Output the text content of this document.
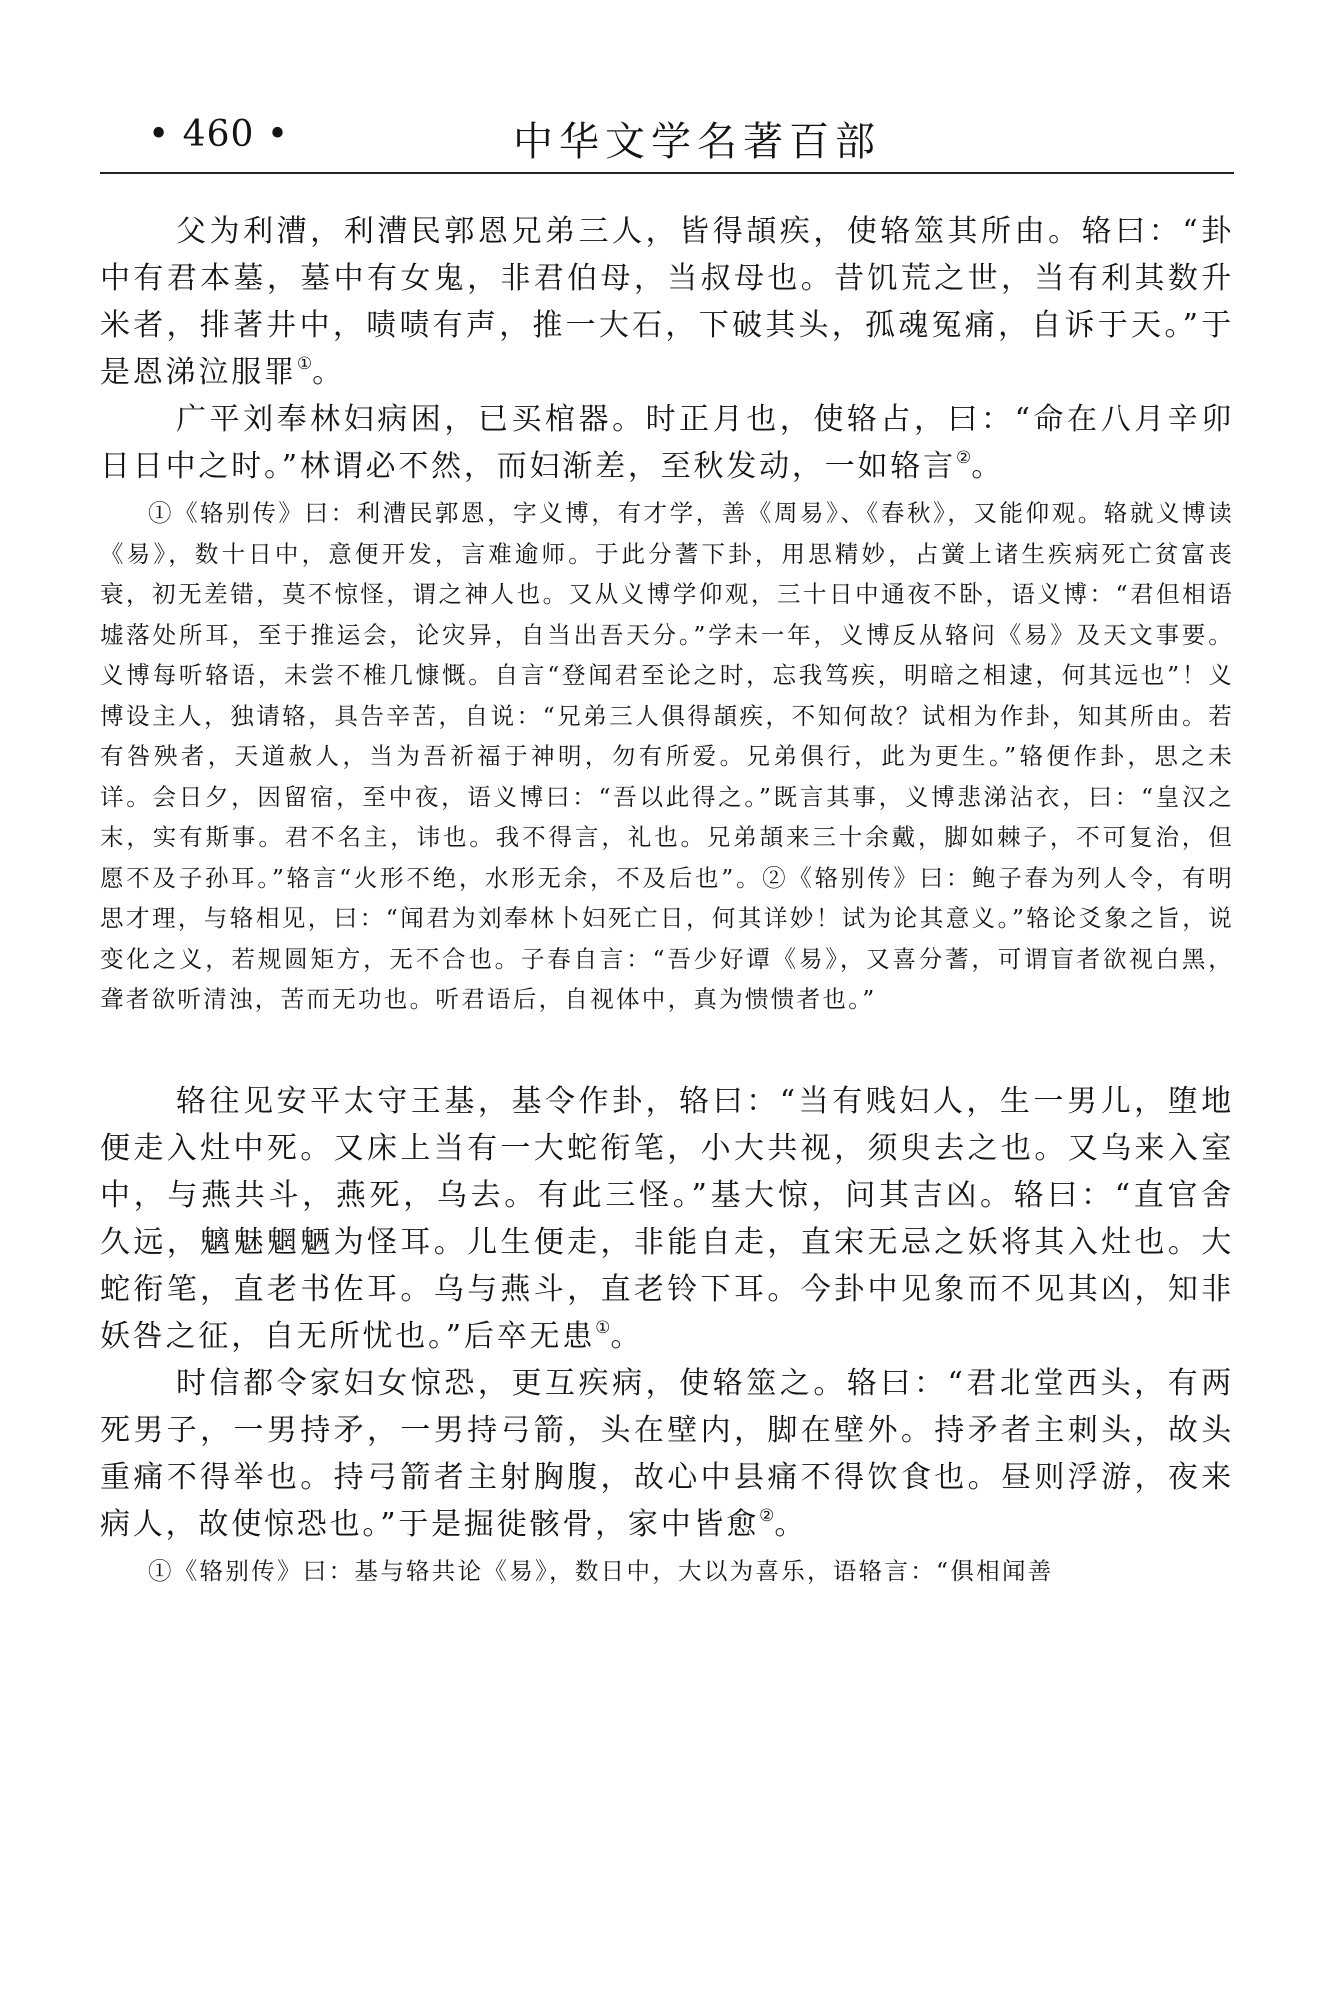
• 460 •	中华文学名著百部

父为利漕，利漕民郭恩兄弟三人，皆得頡疾，使辂筮其所由。辂曰：“卦中有君本墓，墓中有女鬼，非君伯母，当叔母也。昔饥荒之世，当有利其数升米者，排著井中，啧啧有声，推一大石，下破其头，孤魂冤痛，自诉于天。”于是恩涕泣服罪①。

广平刘奉林妇病困，已买棺器。时正月也，使辂占，曰：“命在八月辛卯日日中之时。”林谓必不然，而妇渐差，至秋发动，一如辂言②。

①《辂别传》曰：利漕民郭恩，字义博，有才学，善《周易》、《春秋》，又能仰观。辂就义博读《易》，数十日中，意便开发，言难逾师。于此分蓍下卦，用思精妙，占黉上诸生疾病死亡贫富丧衰，初无差错，莫不惊怪，谓之神人也。又从义博学仰观，三十日中通夜不卧，语义博：“君但相语墟落处所耳，至于推运会，论灾异，自当出吾天分。”学未一年，义博反从辂问《易》及天文事要。义博每听辂语，未尝不椎几慷慨。自言“登闻君至论之时，忘我笃疾，明暗之相逮，何其远也”！义博设主人，独请辂，具告辛苦，自说：“兄弟三人俱得頡疾，不知何故？试相为作卦，知其所由。若有咎殃者，天道赦人，当为吾祈福于神明，勿有所爱。兄弟俱行，此为更生。”辂便作卦，思之未详。会日夕，因留宿，至中夜，语义博曰：“吾以此得之。”既言其事，义博悲涕沾衣，曰：“皇汉之末，实有斯事。君不名主，讳也。我不得言，礼也。兄弟頡来三十余戴，脚如棘子，不可复治，但愿不及子孙耳。”辂言“火形不绝，水形无余，不及后也”。②《辂别传》曰：鲍子春为列人令，有明思才理，与辂相见，曰：“闻君为刘奉林卜妇死亡日，何其详妙！试为论其意义。”辂论爻象之旨，说变化之义，若规圆矩方，无不合也。子春自言：“吾少好谭《易》，又喜分蓍，可谓盲者欲视白黑，聋者欲听清浊，苦而无功也。听君语后，自视体中，真为愦愦者也。”

辂往见安平太守王基，基令作卦，辂曰：“当有贱妇人，生一男儿，堕地便走入灶中死。又床上当有一大蛇衔笔，小大共视，须臾去之也。又乌来入室中，与燕共斗，燕死，乌去。有此三怪。”基大惊，问其吉凶。辂曰：“直官舍久远，魑魅魍魉为怪耳。儿生便走，非能自走，直宋无忌之妖将其入灶也。大蛇衔笔，直老书佐耳。乌与燕斗，直老铃下耳。今卦中见象而不见其凶，知非妖咎之征，自无所忧也。”后卒无患①。

时信都令家妇女惊恐，更互疾病，使辂筮之。辂曰：“君北堂西头，有两死男子，一男持矛，一男持弓箭，头在壁内，脚在壁外。持矛者主刺头，故头重痛不得举也。持弓箭者主射胸腹，故心中县痛不得饮食也。昼则浮游，夜来病人，故使惊恐也。”于是掘徙骸骨，家中皆愈②。

①《辂别传》曰：基与辂共论《易》，数日中，大以为喜乐，语辂言：“俱相闻善
